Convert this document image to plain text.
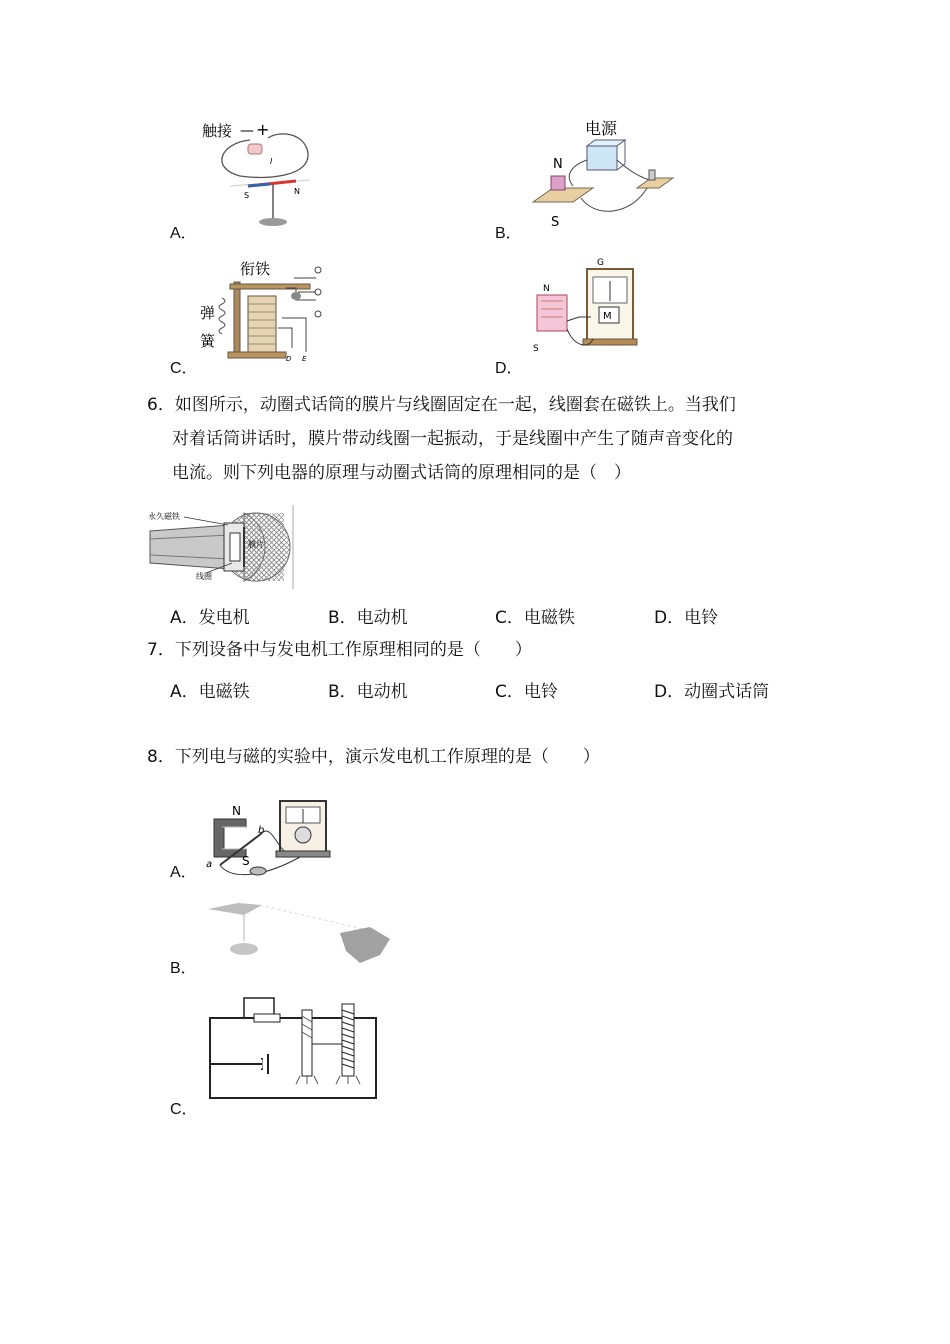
触接 — +
I
S	N
A．
电源
N
S
B．
衔铁
弹
簧
D E
C．
G
M
N
S
D．
6．如图所示，动圈式话筒的膜片与线圈固定在一起，线圈套在磁铁上。当我们
对着话筒讲话时，膜片带动线圈一起振动，于是线圈中产生了随声音变化的
电流。则下列电器的原理与动圈式话筒的原理相同的是（　）
永久磁铁
膜片
线圈
A．发电机	B．电动机	C．电磁铁	D．电铃
7．下列设备中与发电机工作原理相同的是（　　）
A．电磁铁	B．电动机	C．电铃	D．动圈式话筒
8．下列电与磁的实验中，演示发电机工作原理的是（　　）
N
a
b
S
A．
B．
C．
